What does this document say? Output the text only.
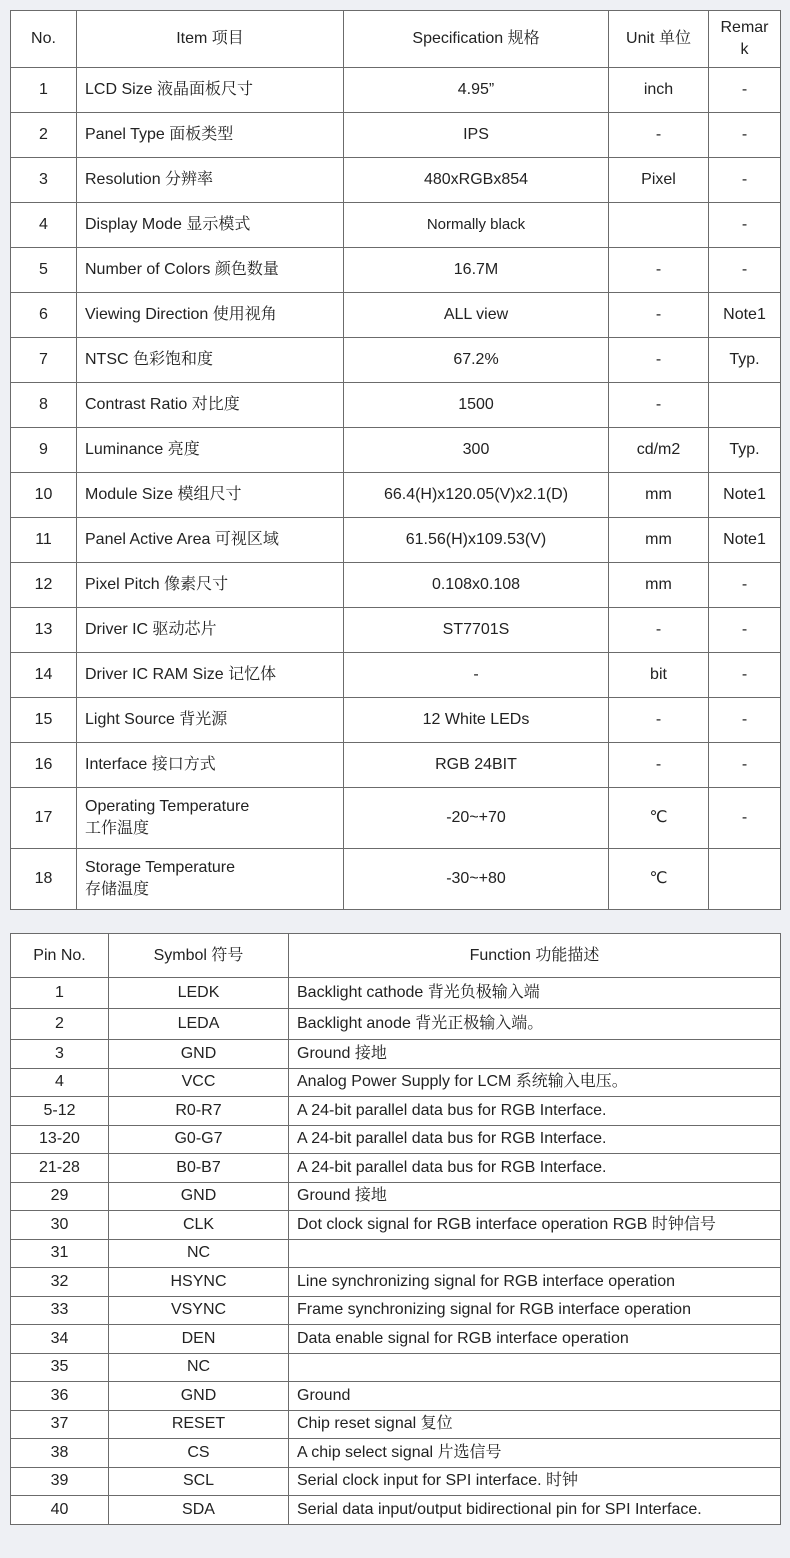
No.	Item 项目	Specification 规格	Unit 单位	Remar
k
1	LCD Size 液晶面板尺寸	4.95”	inch	-
2	Panel Type 面板类型	IPS	-	-
3	Resolution 分辨率	480xRGBx854	Pixel	-
4	Display Mode 显示模式	Normally black		-
5	Number of Colors 颜色数量	16.7M	-	-
6	Viewing Direction 使用视角	ALL view	-	Note1
7	NTSC 色彩饱和度	67.2%	-	Typ.
8	Contrast Ratio 对比度	1500	-	
9	Luminance 亮度	300	cd/m2	Typ.
10	Module Size 模组尺寸	66.4(H)x120.05(V)x2.1(D)	mm	Note1
11	Panel Active Area 可视区域	61.56(H)x109.53(V)	mm	Note1
12	Pixel Pitch 像素尺寸	0.108x0.108	mm	-
13	Driver IC 驱动芯片	ST7701S	-	-
14	Driver IC RAM Size 记忆体	-	bit	-
15	Light Source 背光源	12 White LEDs	-	-
16	Interface 接口方式	RGB 24BIT	-	-
17	Operating Temperature
工作温度	-20~+70	℃	-
18	Storage Temperature
存储温度	-30~+80	℃	
Pin No.	Symbol 符号	Function 功能描述
1	LEDK	Backlight cathode 背光负极输入端
2	LEDA	Backlight anode 背光正极输入端。
3	GND	Ground 接地
4	VCC	Analog Power Supply for LCM 系统输入电压。
5-12	R0-R7	A 24-bit parallel data bus for RGB Interface.
13-20	G0-G7	A 24-bit parallel data bus for RGB Interface.
21-28	B0-B7	A 24-bit parallel data bus for RGB Interface.
29	GND	Ground 接地
30	CLK	Dot clock signal for RGB interface operation RGB 时钟信号
31	NC	
32	HSYNC	Line synchronizing signal for RGB interface operation
33	VSYNC	Frame synchronizing signal for RGB interface operation
34	DEN	Data enable signal for RGB interface operation
35	NC	
36	GND	Ground
37	RESET	Chip reset signal 复位
38	CS	A chip select signal 片选信号
39	SCL	Serial clock input for SPI interface. 时钟
40	SDA	Serial data input/output bidirectional pin for SPI Interface.
